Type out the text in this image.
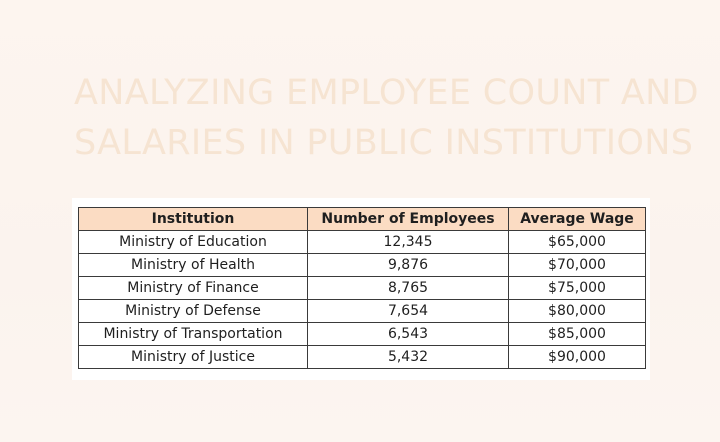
ANALYZING EMPLOYEE COUNT AND
SALARIES IN PUBLIC INSTITUTIONS
Institution	Number of Employees	Average Wage
Ministry of Education	12,345	$65,000
Ministry of Health	9,876	$70,000
Ministry of Finance	8,765	$75,000
Ministry of Defense	7,654	$80,000
Ministry of Transportation	6,543	$85,000
Ministry of Justice	5,432	$90,000
